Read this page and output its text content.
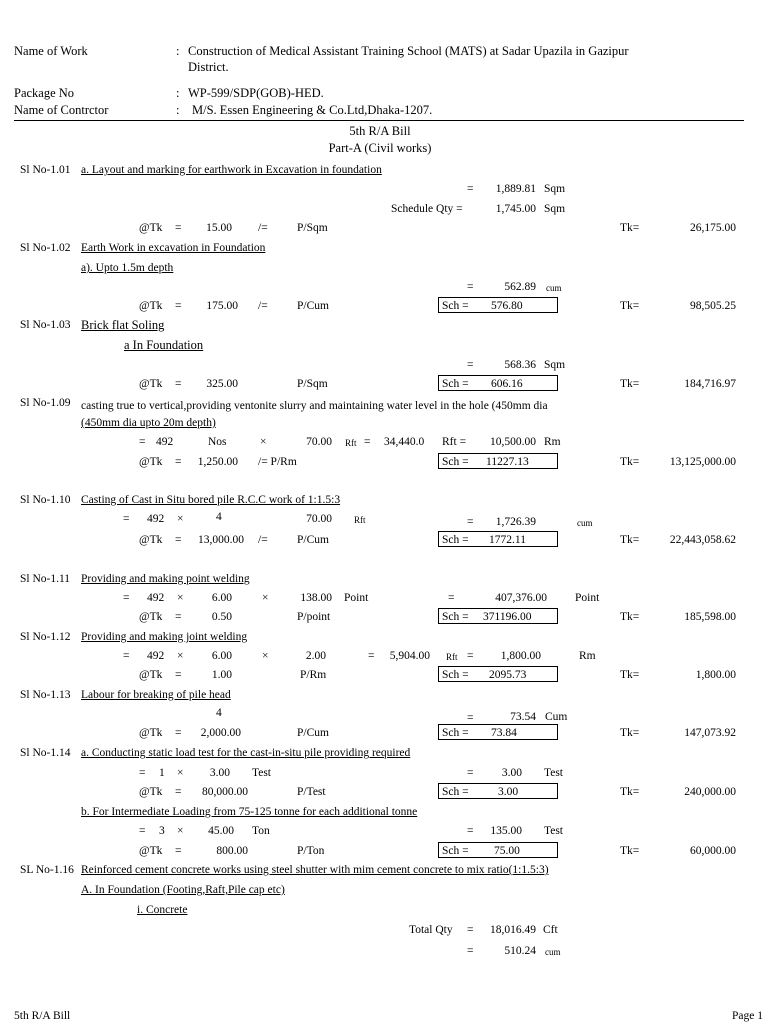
Name of Work	: Construction of Medical Assistant Training School (MATS) at Sadar Upazila in Gazipur
District.
Package No	: WP-599/SDP(GOB)-HED.
Name of Contrctor	: M/S. Essen Engineering & Co.Ltd,Dhaka-1207.
5th R/A Bill
Part-A (Civil works)
Sl No-1.01 a. Layout and marking for earthwork in Excavation in foundation
=	1,889.81 Sqm
Schedule Qty =	1,745.00 Sqm
@Tk =	15.00 /=	P/Sqm	Tk=	26,175.00
Sl No-1.02 Earth Work in excavation in Foundation
a). Upto 1.5m depth
=	562.89 cum
@Tk =	175.00 /=	P/Cum	Sch = 576.80	Tk=	98,505.25
Sl No-1.03 Brick flat Soling
a In Foundation
=	568.36 Sqm
@Tk =	325.00	P/Sqm	Sch = 606.16	Tk=	184,716.97
Sl No-1.09 casting true to vertical,providing ventonite slurry and maintaining water level in the hole (450mm dia
(450mm dia upto 20m depth)
= 492	Nos	×	70.00 Rft = 34,440.0 Rft =	10,500.00 Rm
@Tk =	1,250.00 /= P/Rm	Sch = 11227.13	Tk=	13,125,000.00
Sl No-1.10 Casting of Cast in Situ bored pile R.C.C work of 1:1.5:3
= 492 ×	4	70.00 Rft	=	1,726.39	cum
@Tk =	13,000.00 /=	P/Cum	Sch = 1772.11	Tk=	22,443,058.62
Sl No-1.11 Providing and making point welding
= 492 ×	6.00	×	138.00 Point	=	407,376.00 Point
@Tk =	0.50	P/point	Sch = 371196.00	Tk=	185,598.00
Sl No-1.12 Providing and making joint welding
= 492 ×	6.00	×	2.00	=	5,904.00 Rft =	1,800.00	Rm
@Tk =	1.00	P/Rm	Sch = 2095.73	Tk=	1,800.00
Sl No-1.13 Labour for breaking of pile head
4	=	73.54 Cum
@Tk =	2,000.00	P/Cum	Sch = 73.84	Tk=	147,073.92
Sl No-1.14 a. Conducting static load test for the cast-in-situ pile providing required
= 1 ×	3.00 Test	=	3.00 Test
@Tk =	80,000.00	P/Test	Sch =	3.00	Tk=	240,000.00
b. For Intermediate Loading from 75-125 tonne for each additional tonne
= 3 ×	45.00 Ton	=	135.00 Test
@Tk =	800.00	P/Ton	Sch = 75.00	Tk=	60,000.00
SL No-1.16 Reinforced cement concrete works using steel shutter with mim cement concrete to mix ratio(1:1.5:3)
A. In Foundation (Footing,Raft,Pile cap etc)
i. Concrete
Total Qty =	18,016.49 Cft
=	510.24 cum
5th R/A Bill	Page 1
